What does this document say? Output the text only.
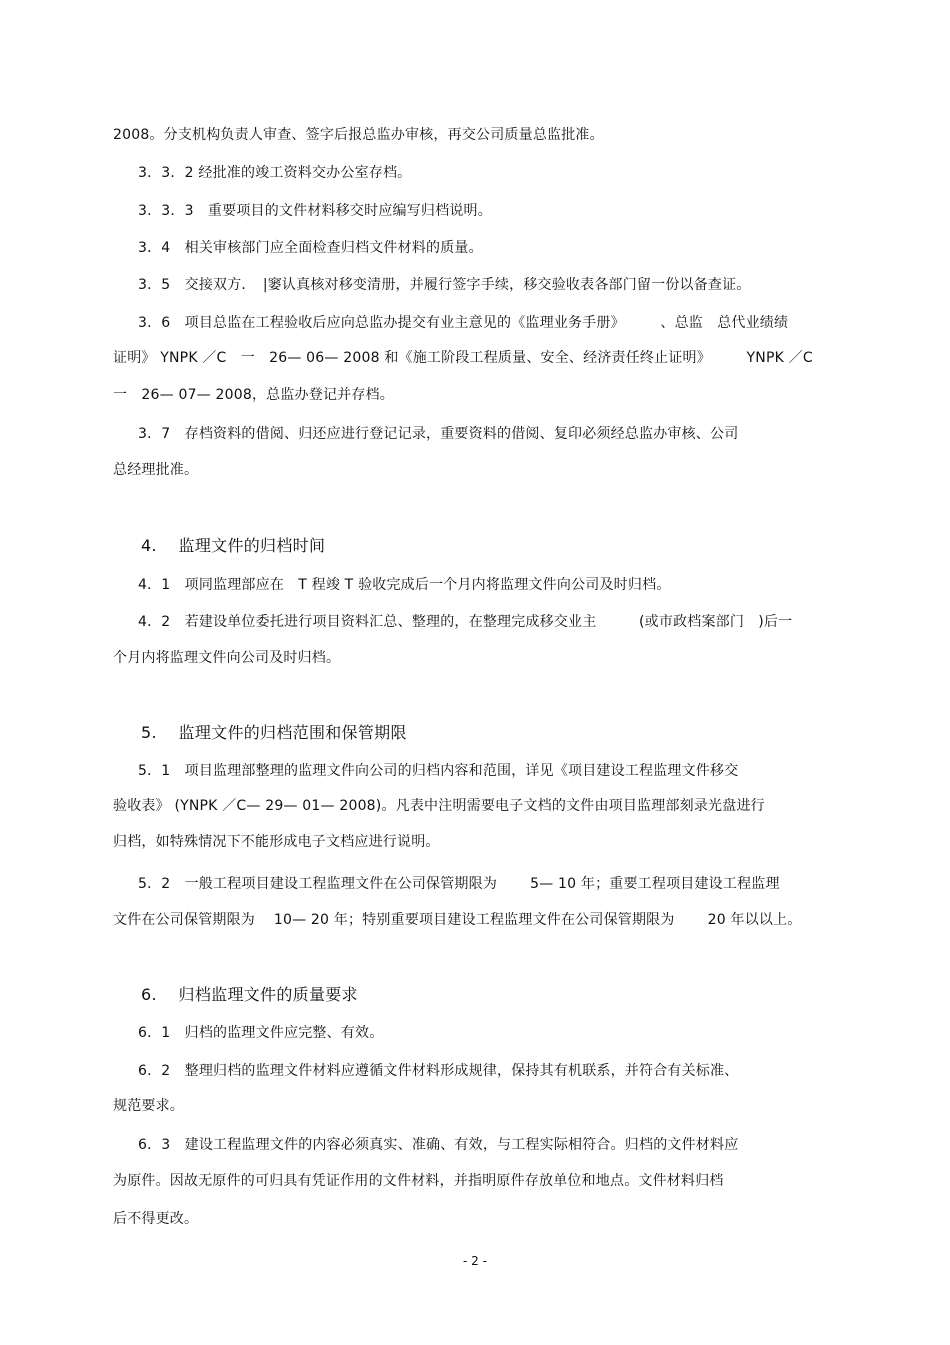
2008。分支机构负责人审查、签字后报总监办审核，再交公司质量总监批准。
3．3．2 经批准的竣工资料交办公室存档。
3．3．3　重要项目的文件材料移交时应编写归档说明。
3．4　相关审核部门应全面检查归档文件材料的质量。
3．5　交接双方．　|窭认真核对移变清册，并履行签字手续，移交验收表各部门留一份以备查证。
3．6　项目总监在工程验收后应向总监办提交有业主意见的《监理业务手册》　　　、总监　总代业绩绩
证明》 YNPK ／C　一　26— 06— 2008 和《施工阶段工程质量、安全、经济责任终止证明》　　　YNPK ／C
一　26— 07— 2008，总监办登记并存档。
3．7　存档资料的借阅、归还应进行登记记录，重要资料的借阅、复印必须经总监办审核、公司
总经理批准。
4.　 监理文件的归档时间
4．1　项同监理部应在　T 程竣 T 验收完成后一个月内将监理文件向公司及时归档。
4．2　若建设单位委托进行项目资料汇总、整理的，在整理完成移交业主　　　(或市政档案部门　)后一
个月内将监理文件向公司及时归档。
5.　 监理文件的归档范围和保管期限
5．1　项目监理部整理的监理文件向公司的归档内容和范围，详见《项目建设工程监理文件移交
验收表》 (YNPK ／C— 29— 01— 2008)。凡表中注明需要电子文档的文件由项目监理部刻录光盘进行
归档，如特殊情况下不能形成电子文档应进行说明。
5．2　一般工程项目建设工程监理文件在公司保管期限为　　 5— 10 年；重要工程项目建设工程监理
文件在公司保管期限为　 10— 20 年；特别重要项目建设工程监理文件在公司保管期限为　　 20 年以以上。
6.　 归档监理文件的质量要求
6．1　归档的监理文件应完整、有效。
6．2　整理归档的监理文件材料应遵循文件材料形成规律，保持其有机联系，并符合有关标准、
规范要求。
6．3　建设工程监理文件的内容必须真实、准确、有效，与工程实际相符合。归档的文件材料应
为原件。因故无原件的可归具有凭证作用的文件材料，并指明原件存放单位和地点。文件材料归档
后不得更改。
- 2 -
